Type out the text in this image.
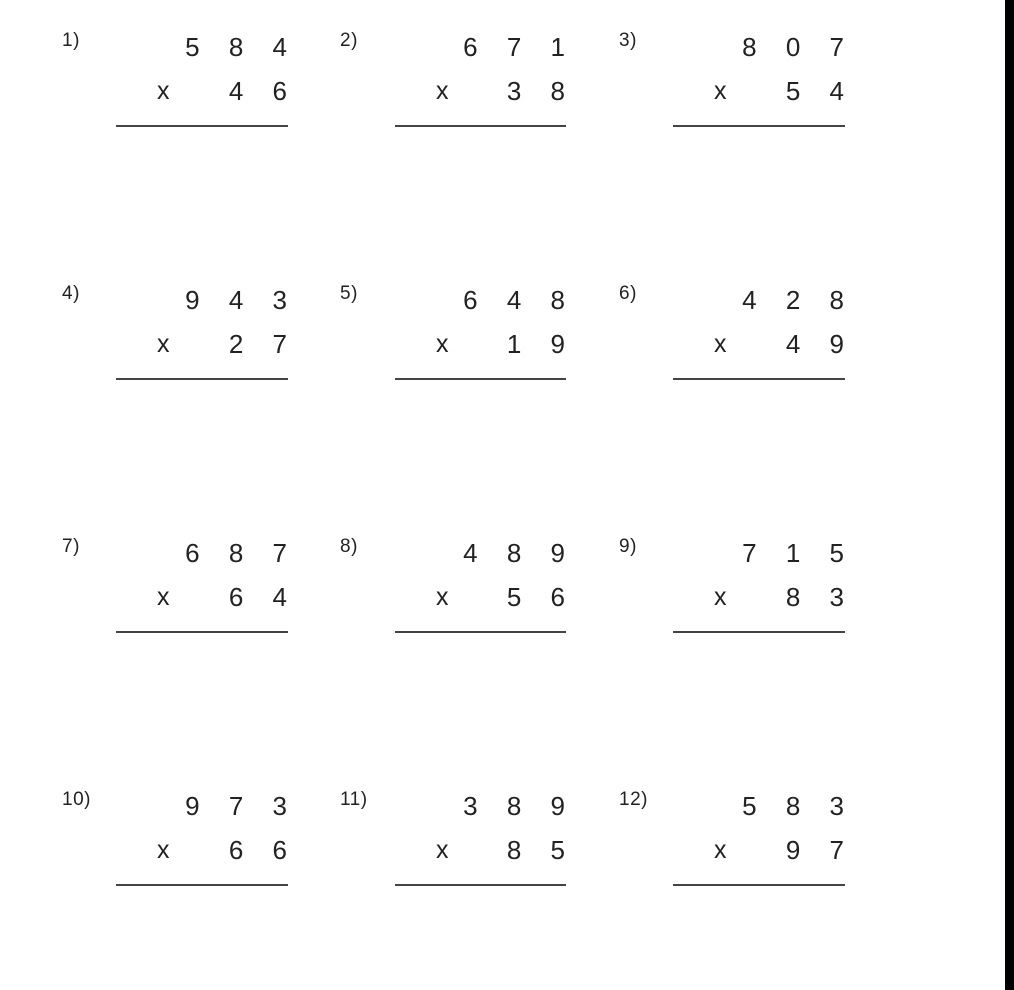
1)	5 8 4
x 4 6
2)	6 7 1
x 3 8
3)	8 0 7
x 5 4
4)	9 4 3
x 2 7
5)	6 4 8
x 1 9
6)	4 2 8
x 4 9
7)	6 8 7
x 6 4
8)	4 8 9
x 5 6
9)	7 1 5
x 8 3
10)	9 7 3
x 6 6
11)	3 8 9
x 8 5
12)	5 8 3
x 9 7
